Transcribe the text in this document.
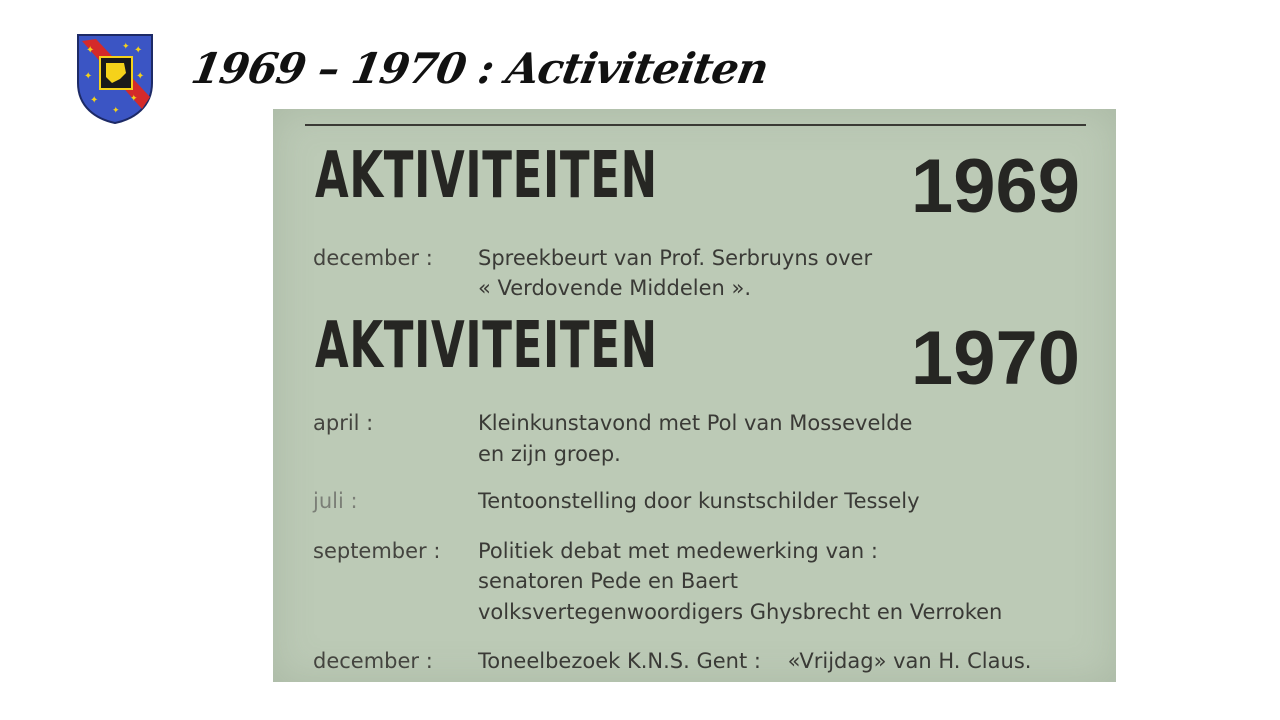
✦	✦
✦
✦	✦
✦
✦
✦
1969 – 1970 : Activiteiten
AKTIVITEITEN	1969
december : Spreekbeurt van Prof. Serbruyns over
« Verdovende Middelen ».
AKTIVITEITEN	1970
april :	Kleinkunstavond met Pol van Mossevelde
en zijn groep.
juli :	Tentoonstelling door kunstschilder Tessely
september : Politiek debat met medewerking van :
senatoren Pede en Baert
volksvertegenwoordigers Ghysbrecht en Verroken
december : Toneelbezoek K.N.S. Gent :    «Vrijdag» van H. Claus.
